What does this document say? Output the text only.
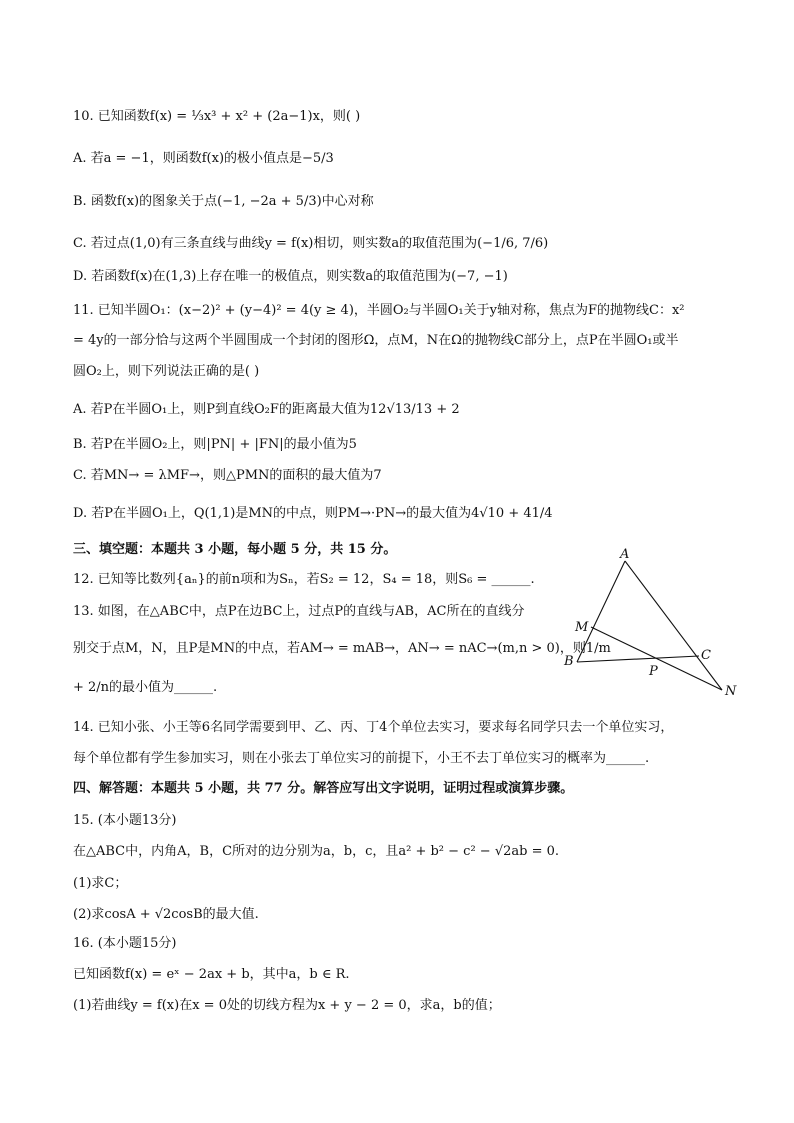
10. 已知函数f(x) = ⅓x³ + x² + (2a−1)x，则( )
A. 若a = −1，则函数f(x)的极小值点是−5/3
B. 函数f(x)的图象关于点(−1, −2a + 5/3)中心对称
C. 若过点(1,0)有三条直线与曲线y = f(x)相切，则实数a的取值范围为(−1/6, 7/6)
D. 若函数f(x)在(1,3)上存在唯一的极值点，则实数a的取值范围为(−7, −1)
11. 已知半圆O₁：(x−2)² + (y−4)² = 4(y ≥ 4)，半圆O₂与半圆O₁关于y轴对称，焦点为F的抛物线C：x²
= 4y的一部分恰与这两个半圆围成一个封闭的图形Ω，点M，N在Ω的抛物线C部分上，点P在半圆O₁或半
圆O₂上，则下列说法正确的是( )
A. 若P在半圆O₁上，则P到直线O₂F的距离最大值为12√13/13 + 2
B. 若P在半圆O₂上，则|PN| + |FN|的最小值为5
C. 若MN→ = λMF→，则△PMN的面积的最大值为7
D. 若P在半圆O₁上，Q(1,1)是MN的中点，则PM→·PN→的最大值为4√10 + 41/4
三、填空题：本题共 3 小题，每小题 5 分，共 15 分。
12. 已知等比数列{aₙ}的前n项和为Sₙ，若S₂ = 12，S₄ = 18，则S₆ = ______.
13. 如图，在△ABC中，点P在边BC上，过点P的直线与AB，AC所在的直线分
别交于点M，N，且P是MN的中点，若AM→ = mAB→，AN→ = nAC→(m,n > 0)，则1/m
+ 2/n的最小值为______.
14. 已知小张、小王等6名同学需要到甲、乙、丙、丁4个单位去实习，要求每名同学只去一个单位实习，
每个单位都有学生参加实习，则在小张去丁单位实习的前提下，小王不去丁单位实习的概率为______.
四、解答题：本题共 5 小题，共 77 分。解答应写出文字说明，证明过程或演算步骤。
15. (本小题13分)
在△ABC中，内角A，B，C所对的边分别为a，b，c，且a² + b² − c² − √2ab = 0.
(1)求C；
(2)求cosA + √2cosB的最大值.
16. (本小题15分)
已知函数f(x) = eˣ − 2ax + b，其中a，b ∈ R.
(1)若曲线y = f(x)在x = 0处的切线方程为x + y − 2 = 0，求a，b的值；
A
M
B
P
C
N
